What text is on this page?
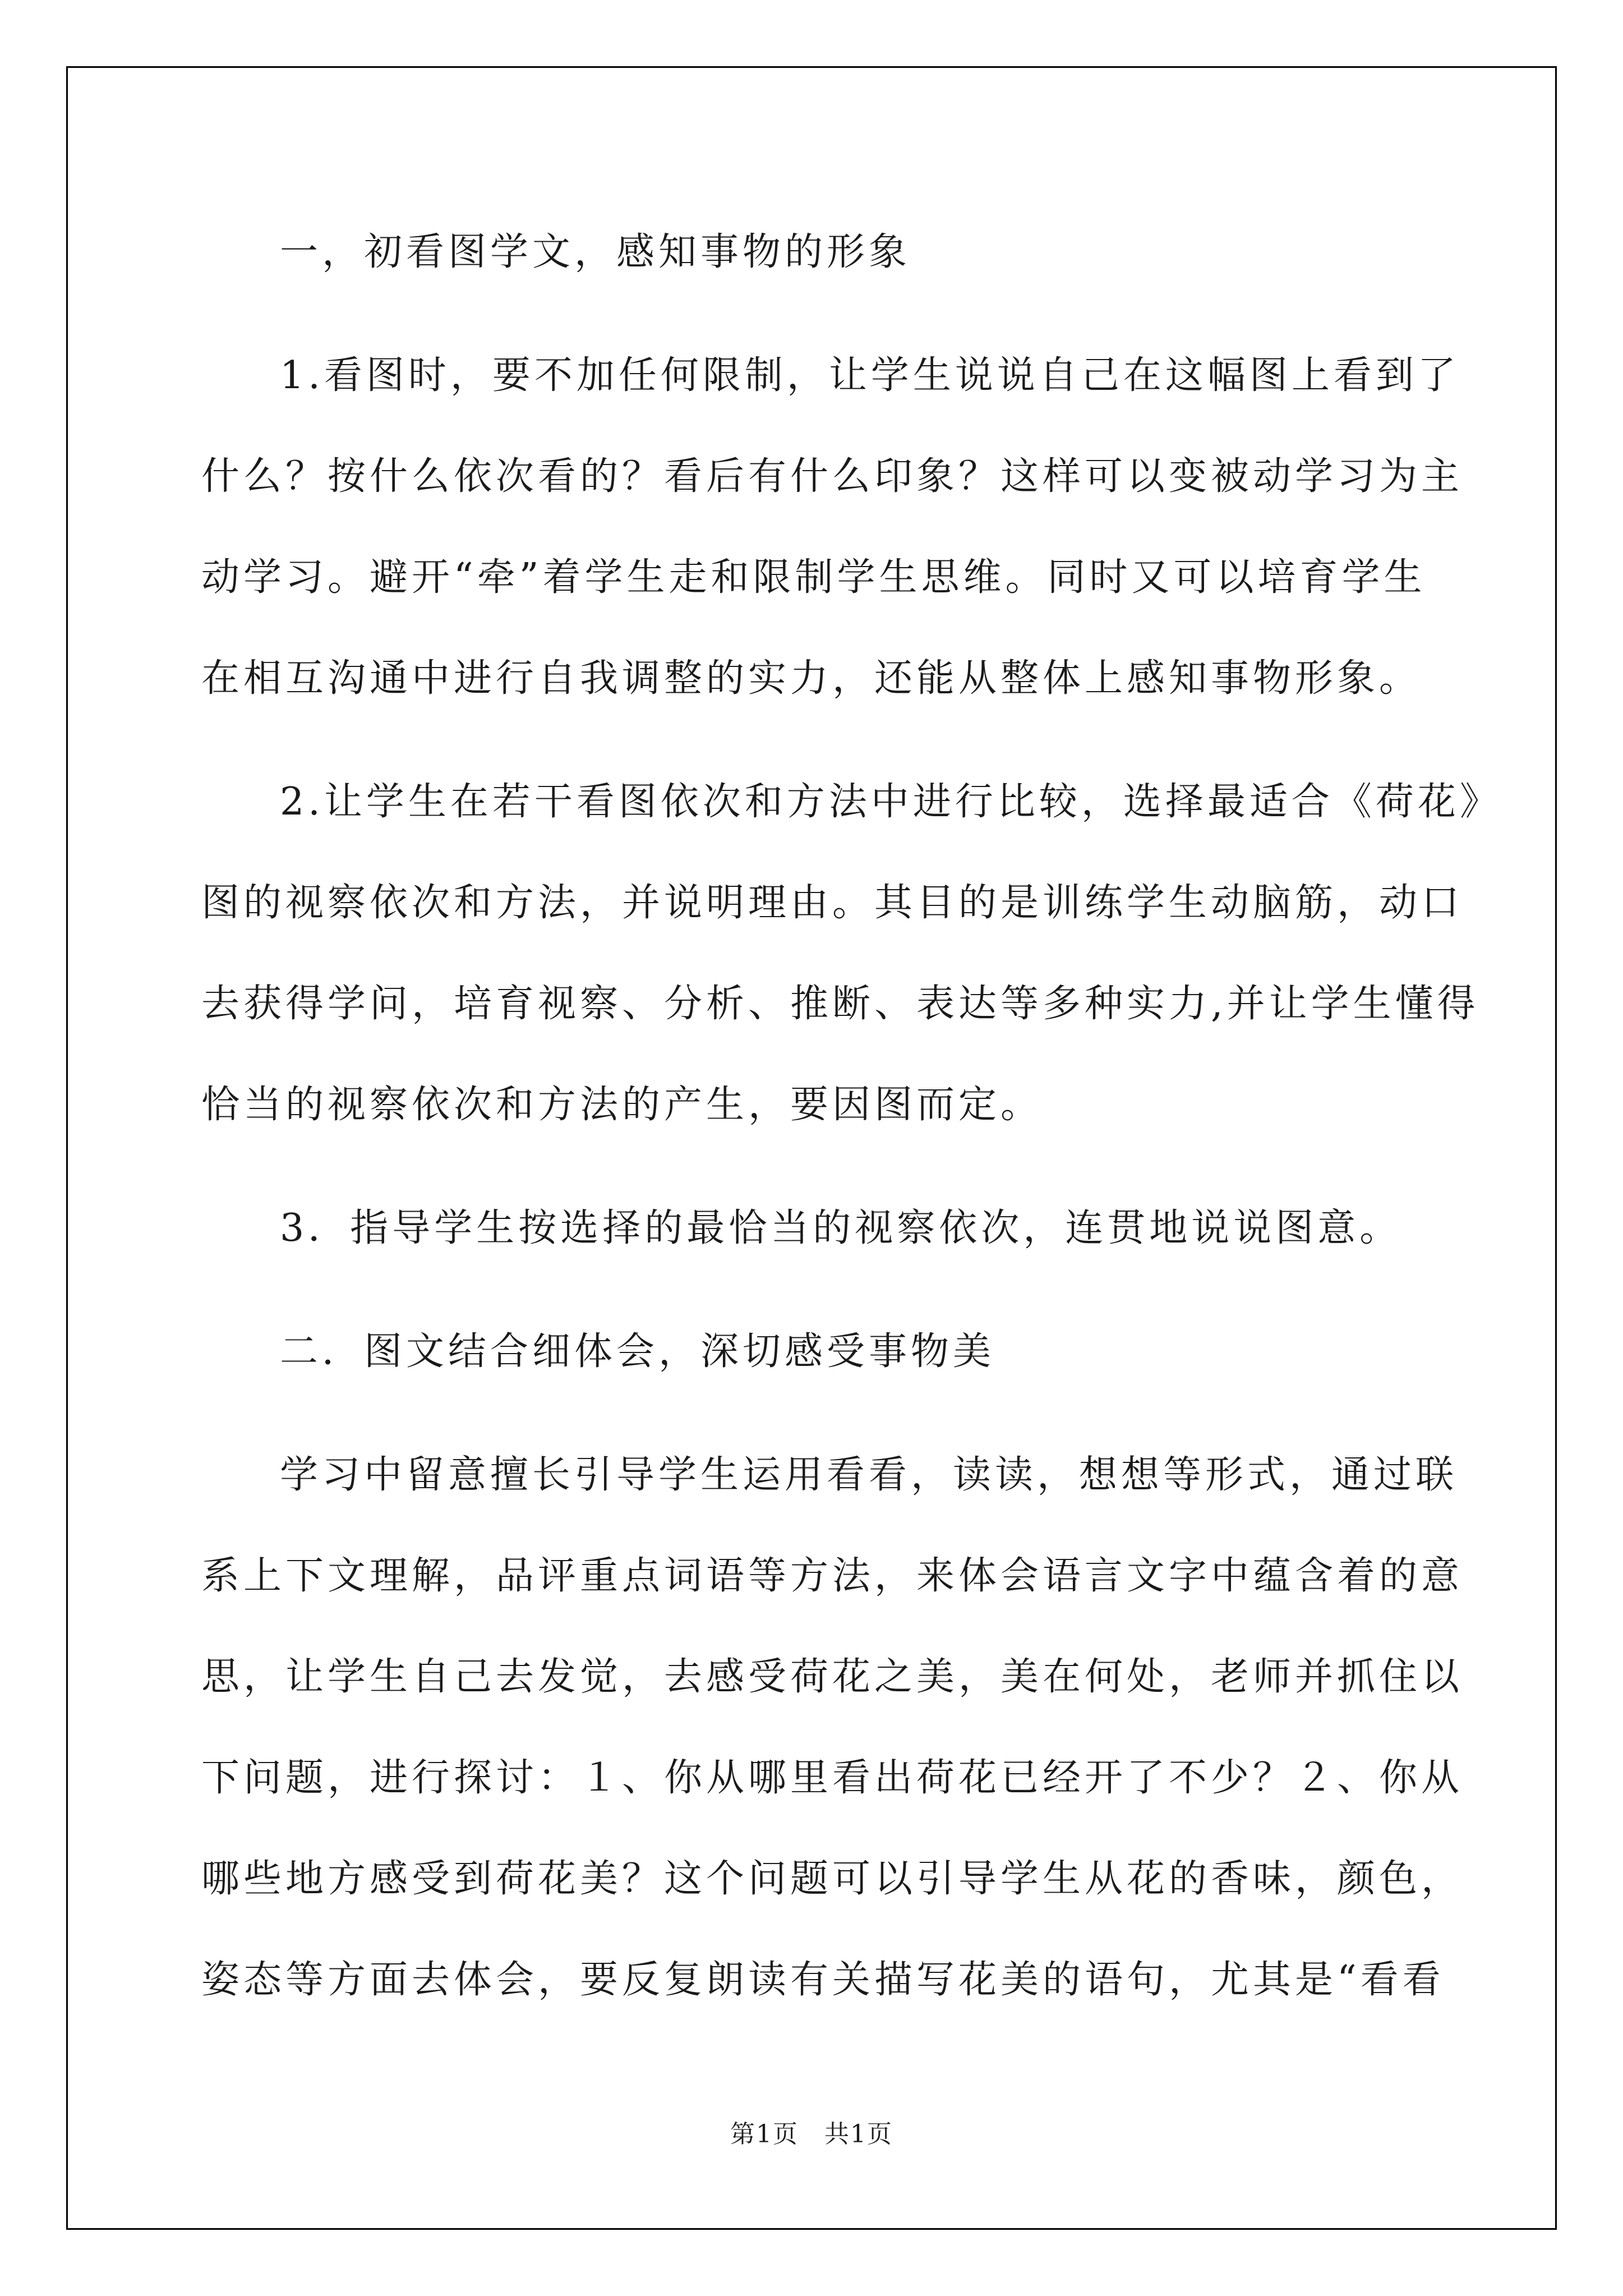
一，初看图学文，感知事物的形象
1.看图时，要不加任何限制，让学生说说自己在这幅图上看到了
什么？按什么依次看的？看后有什么印象？这样可以变被动学习为主
动学习。避开“牵”着学生走和限制学生思维。同时又可以培育学生
在相互沟通中进行自我调整的实力，还能从整体上感知事物形象。
2.让学生在若干看图依次和方法中进行比较，选择最适合《荷花》
图的视察依次和方法，并说明理由。其目的是训练学生动脑筋，动口
去获得学问，培育视察、分析、推断、表达等多种实力,并让学生懂得
恰当的视察依次和方法的产生，要因图而定。
3．指导学生按选择的最恰当的视察依次，连贯地说说图意。
二．图文结合细体会，深切感受事物美
学习中留意擅长引导学生运用看看，读读，想想等形式，通过联
系上下文理解，品评重点词语等方法，来体会语言文字中蕴含着的意
思，让学生自己去发觉，去感受荷花之美，美在何处，老师并抓住以
下问题，进行探讨：１、你从哪里看出荷花已经开了不少？２、你从
哪些地方感受到荷花美？这个问题可以引导学生从花的香味，颜色，
姿态等方面去体会，要反复朗读有关描写花美的语句，尤其是“看看
第1页　共1页
